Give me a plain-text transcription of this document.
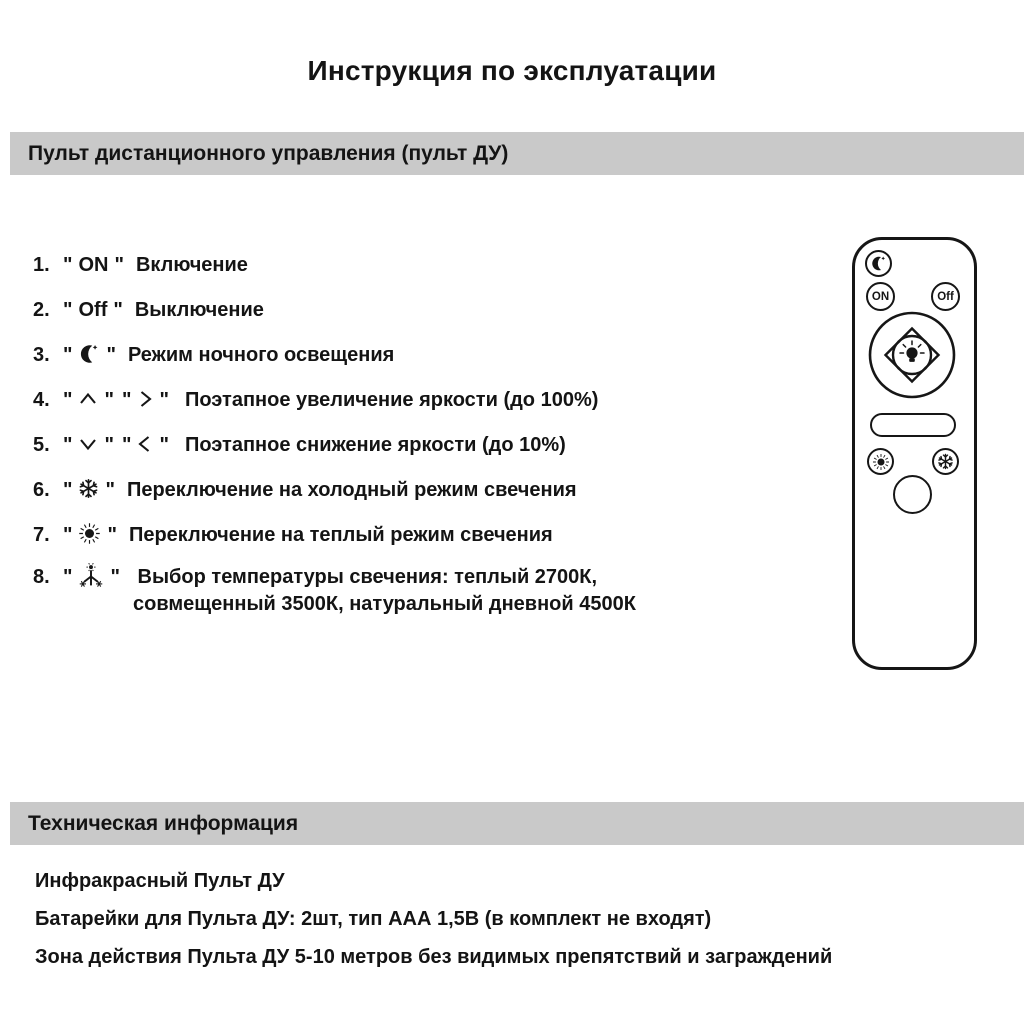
Инструкция по эксплуатации
Пульт дистанционного управления (пульт ДУ)
1. " ON " Включение
2. " Off " Выключение
3. " " Режим ночного освещения
4. " " " " Поэтапное увеличение яркости (до 100%)
5. " " " " Поэтапное снижение яркости (до 10%)
6. " " Переключение на холодный режим свечения
7. " " Переключение на теплый режим свечения
8. " " Выбор температуры свечения: теплый 2700К,
совмещенный 3500К, натуральный дневной 4500К
ON	Off
Техническая информация

Инфракрасный Пульт ДУ

Батарейки для Пульта ДУ: 2шт, тип ААА 1,5В (в комплект не входят)

Зона действия Пульта ДУ 5-10 метров без видимых препятствий и заграждений
